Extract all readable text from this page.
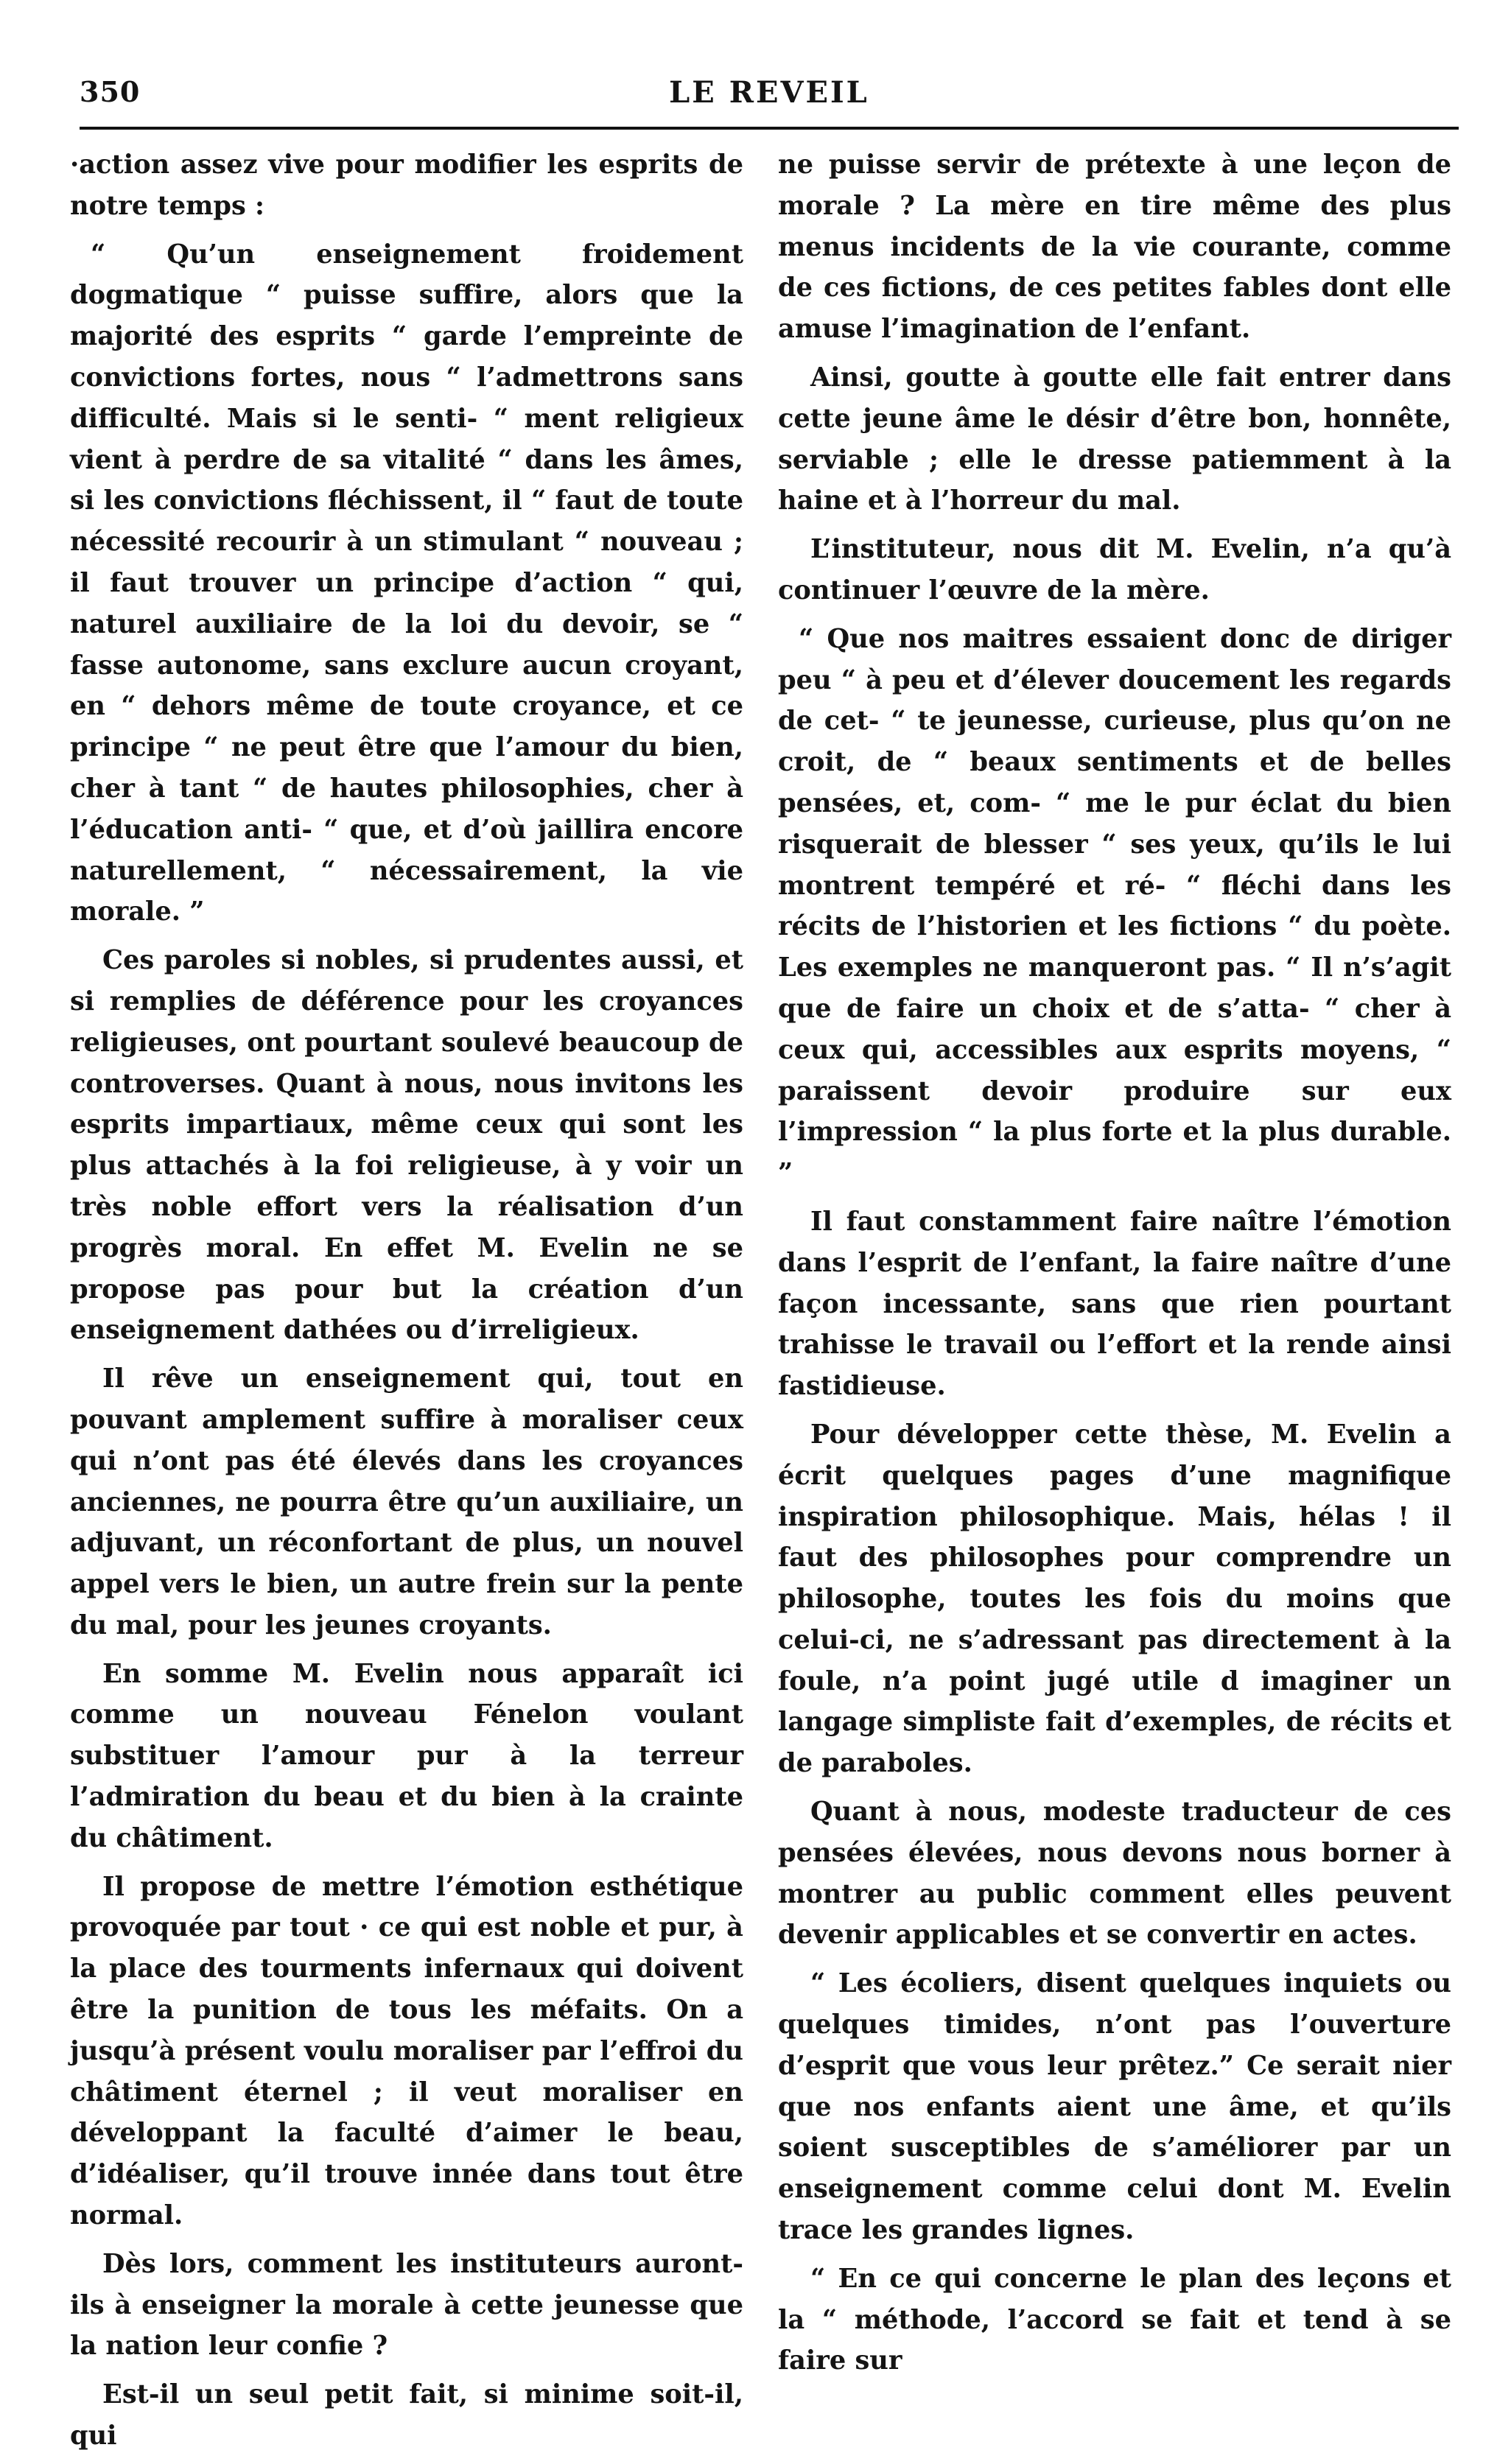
350	LE REVEIL

·action assez vive pour modifier les esprits de notre temps :

“ Qu’un enseignement froidement dogmatique “ puisse suffire, alors que la majorité des esprits “ garde l’empreinte de convictions fortes, nous “ l’admettrons sans difficulté. Mais si le senti- “ ment religieux vient à perdre de sa vitalité “ dans les âmes, si les convictions fléchissent, il “ faut de toute nécessité recourir à un stimulant “ nouveau ; il faut trouver un principe d’action “ qui, naturel auxiliaire de la loi du devoir, se “ fasse autonome, sans exclure aucun croyant, en “ dehors même de toute croyance, et ce principe “ ne peut être que l’amour du bien, cher à tant “ de hautes philosophies, cher à l’éducation anti- “ que, et d’où jaillira encore naturellement, “ nécessairement, la vie morale. ”

Ces paroles si nobles, si prudentes aussi, et si remplies de déférence pour les croyances religieuses, ont pourtant soulevé beaucoup de controverses. Quant à nous, nous invitons les esprits impartiaux, même ceux qui sont les plus attachés à la foi religieuse, à y voir un très noble effort vers la réalisation d’un progrès moral. En effet M. Evelin ne se propose pas pour but la création d’un enseignement dathées ou d’irreligieux.

Il rêve un enseignement qui, tout en pouvant amplement suffire à moraliser ceux qui n’ont pas été élevés dans les croyances anciennes, ne pourra être qu’un auxiliaire, un adjuvant, un réconfortant de plus, un nouvel appel vers le bien, un autre frein sur la pente du mal, pour les jeunes croyants.

En somme M. Evelin nous apparaît ici comme un nouveau Fénelon voulant substituer l’amour pur à la terreur l’admiration du beau et du bien à la crainte du châtiment.

Il propose de mettre l’émotion esthétique provoquée par tout · ce qui est noble et pur, à la place des tourments infernaux qui doivent être la punition de tous les méfaits. On a jusqu’à présent voulu moraliser par l’effroi du châtiment éternel ; il veut moraliser en développant la faculté d’aimer le beau, d’idéaliser, qu’il trouve innée dans tout être normal.

Dès lors, comment les instituteurs auront-ils à enseigner la morale à cette jeunesse que la nation leur confie ?

Est-il un seul petit fait, si minime soit-il, qui

ne puisse servir de prétexte à une leçon de morale ? La mère en tire même des plus menus incidents de la vie courante, comme de ces fictions, de ces petites fables dont elle amuse l’imagination de l’enfant.

Ainsi, goutte à goutte elle fait entrer dans cette jeune âme le désir d’être bon, honnête, serviable ; elle le dresse patiemment à la haine et à l’horreur du mal.

L’instituteur, nous dit M. Evelin, n’a qu’à continuer l’œuvre de la mère.

“ Que nos maitres essaient donc de diriger peu “ à peu et d’élever doucement les regards de cet- “ te jeunesse, curieuse, plus qu’on ne croit, de “ beaux sentiments et de belles pensées, et, com- “ me le pur éclat du bien risquerait de blesser “ ses yeux, qu’ils le lui montrent tempéré et ré- “ fléchi dans les récits de l’historien et les fictions “ du poète. Les exemples ne manqueront pas. “ Il n’s’agit que de faire un choix et de s’atta- “ cher à ceux qui, accessibles aux esprits moyens, “ paraissent devoir produire sur eux l’impression “ la plus forte et la plus durable. ”

Il faut constamment faire naître l’émotion dans l’esprit de l’enfant, la faire naître d’une façon incessante, sans que rien pourtant trahisse le travail ou l’effort et la rende ainsi fastidieuse.

Pour développer cette thèse, M. Evelin a écrit quelques pages d’une magnifique inspiration philosophique. Mais, hélas ! il faut des philosophes pour comprendre un philosophe, toutes les fois du moins que celui-ci, ne s’adressant pas directement à la foule, n’a point jugé utile d imaginer un langage simpliste fait d’exemples, de récits et de paraboles.

Quant à nous, modeste traducteur de ces pensées élevées, nous devons nous borner à montrer au public comment elles peuvent devenir applicables et se convertir en actes.

“ Les écoliers, disent quelques inquiets ou quelques timides, n’ont pas l’ouverture d’esprit que vous leur prêtez.” Ce serait nier que nos enfants aient une âme, et qu’ils soient susceptibles de s’améliorer par un enseignement comme celui dont M. Evelin trace les grandes lignes.

“ En ce qui concerne le plan des leçons et la “ méthode, l’accord se fait et tend à se faire sur
